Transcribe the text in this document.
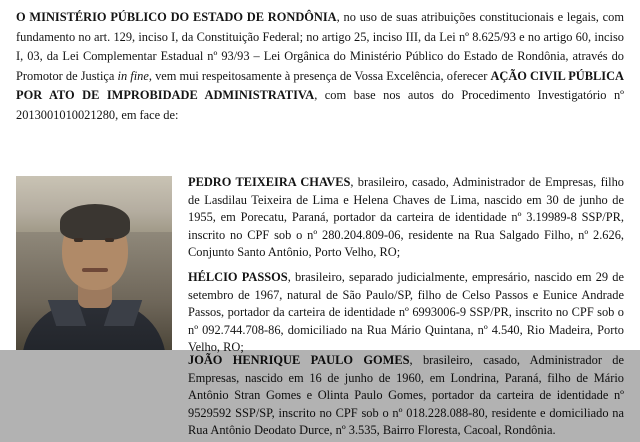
O MINISTÉRIO PÚBLICO DO ESTADO DE RONDÔNIA, no uso de suas atribuições constitucionais e legais, com fundamento no art. 129, inciso I, da Constituição Federal; no artigo 25, inciso III, da Lei nº 8.625/93 e no artigo 60, inciso I, 03, da Lei Complementar Estadual nº 93/93 – Lei Orgânica do Ministério Público do Estado de Rondônia, através do Promotor de Justiça in fine, vem mui respeitosamente à presença de Vossa Excelência, oferecer AÇÃO CIVIL PÚBLICA POR ATO DE IMPROBIDADE ADMINISTRATIVA, com base nos autos do Procedimento Investigatório nº 2013001010021280, em face de:

PEDRO TEIXEIRA CHAVES, brasileiro, casado, Administrador de Empresas, filho de Lasdilau Teixeira de Lima e Helena Chaves de Lima, nascido em 30 de junho de 1955, em Porecatu, Paraná, portador da carteira de identidade nº 3.19989-8 SSP/PR, inscrito no CPF sob o nº 280.204.809-06, residente na Rua Salgado Filho, nº 2.626, Conjunto Santo Antônio, Porto Velho, RO;

HÉLCIO PASSOS, brasileiro, separado judicialmente, empresário, nascido em 29 de setembro de 1967, natural de São Paulo/SP, filho de Celso Passos e Eunice Andrade Passos, portador da carteira de identidade nº 6993006-9 SSP/PR, inscrito no CPF sob o nº 092.744.708-86, domiciliado na Rua Mário Quintana, nº 4.540, Rio Madeira, Porto Velho, RO;

JOÃO HENRIQUE PAULO GOMES, brasileiro, casado, Administrador de Empresas, nascido em 16 de junho de 1960, em Londrina, Paraná, filho de Mário Antônio Stran Gomes e Olinta Paulo Gomes, portador da carteira de identidade nº 9529592 SSP/SP, inscrito no CPF sob o nº 018.228.088-80, residente e domiciliado na Rua Antônio Deodato Durce, nº 3.535, Bairro Floresta, Cacoal, Rondônia.
